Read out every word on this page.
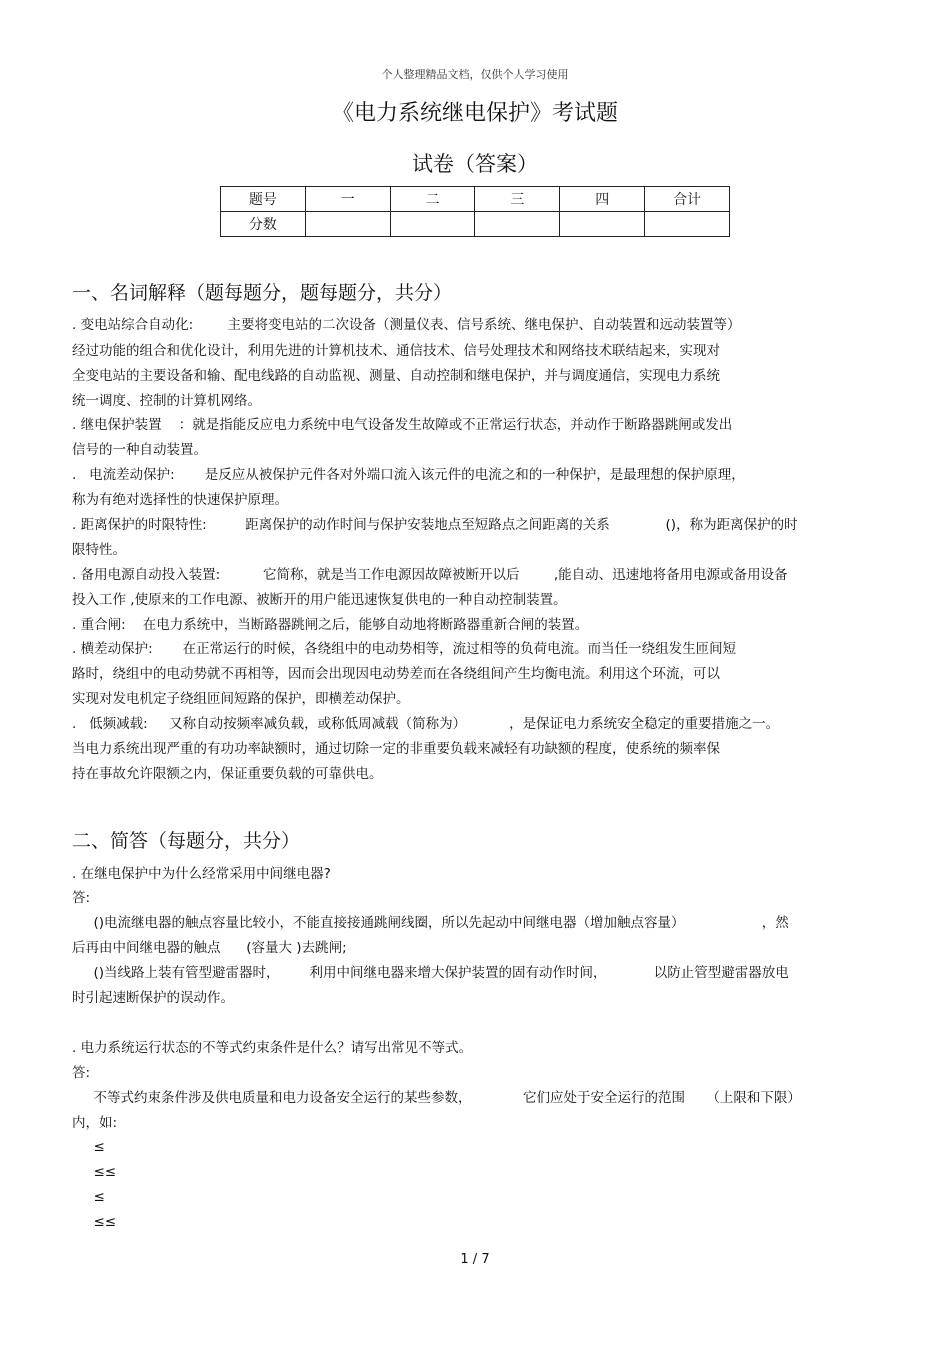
个人整理精品文档，仅供个人学习使用
《电力系统继电保护》考试题
试卷（答案）
题号	一	二	三	四	合计
分数					
一、名词解释（题每题分，题每题分，共分）
. 变电站综合自动化:        主要将变电站的二次设备（测量仪表、信号系统、继电保护、自动装置和远动装置等）
经过功能的组合和优化设计，利用先进的计算机技术、通信技术、信号处理技术和网络技术联结起来，实现对
全变电站的主要设备和输、配电线路的自动监视、测量、自动控制和继电保护，并与调度通信，实现电力系统
统一调度、控制的计算机网络。
. 继电保护装置    ：就是指能反应电力系统中电气设备发生故障或不正常运行状态，并动作于断路器跳闸或发出
信号的一种自动装置。
.   电流差动保护:       是反应从被保护元件各对外端口流入该元件的电流之和的一种保护，是最理想的保护原理，
称为有绝对选择性的快速保护原理。
. 距离保护的时限特性:         距离保护的动作时间与保护安装地点至短路点之间距离的关系             ()，称为距离保护的时
限特性。
. 备用电源自动投入装置:          它简称，就是当工作电源因故障被断开以后        ,能自动、迅速地将备用电源或备用设备
投入工作 ,使原来的工作电源、被断开的用户能迅速恢复供电的一种自动控制装置。
. 重合闸:    在电力系统中，当断路器跳闸之后，能够自动地将断路器重新合闸的装置。
. 横差动保护:       在正常运行的时候，各绕组中的电动势相等，流过相等的负荷电流。而当任一绕组发生匝间短
路时，绕组中的电动势就不再相等，因而会出现因电动势差而在各绕组间产生均衡电流。利用这个环流，可以
实现对发电机定子绕组匝间短路的保护，即横差动保护。
.   低频减载:     又称自动按频率减负载，或称低周减载（简称为）          ，是保证电力系统安全稳定的重要措施之一。
当电力系统出现严重的有功功率缺额时，通过切除一定的非重要负载来减轻有功缺额的程度，使系统的频率保
持在事故允许限额之内，保证重要负载的可靠供电。
二、简答（每题分，共分）
. 在继电保护中为什么经常采用中间继电器?
答:
()电流继电器的触点容量比较小，不能直接接通跳闸线圈，所以先起动中间继电器（增加触点容量）                  ，然
后再由中间继电器的触点      (容量大 )去跳闸;
()当线路上装有管型避雷器时，       利用中间继电器来增大保护装置的固有动作时间，           以防止管型避雷器放电
时引起速断保护的误动作。
. 电力系统运行状态的不等式约束条件是什么？请写出常见不等式。
答:
不等式约束条件涉及供电质量和电力设备安全运行的某些参数，            它们应处于安全运行的范围     （上限和下限）
内，如:
≤
≤≤
≤
≤≤
1 / 7
